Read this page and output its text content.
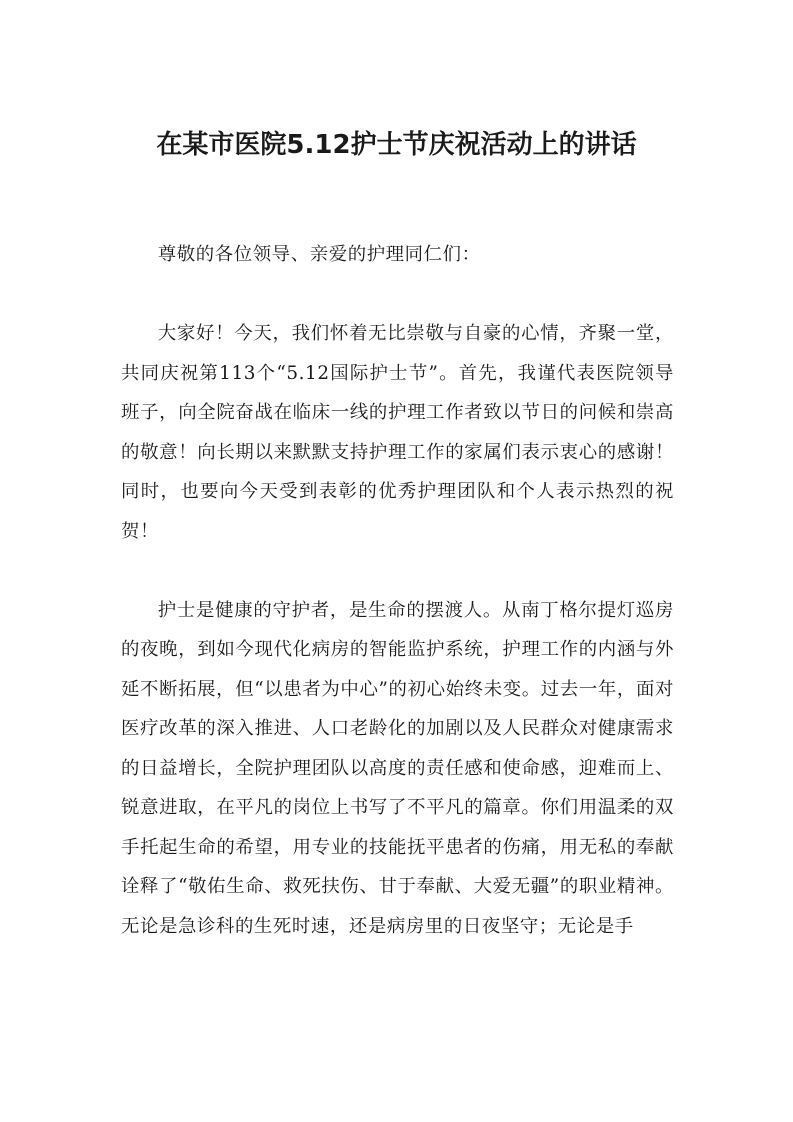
在某市医院5.12护士节庆祝活动上的讲话

尊敬的各位领导、亲爱的护理同仁们：

大家好！今天，我们怀着无比崇敬与自豪的心情，齐聚一堂，共同庆祝第113个“5.12国际护士节”。首先，我谨代表医院领导班子，向全院奋战在临床一线的护理工作者致以节日的问候和崇高的敬意！向长期以来默默支持护理工作的家属们表示衷心的感谢！同时，也要向今天受到表彰的优秀护理团队和个人表示热烈的祝贺！

护士是健康的守护者，是生命的摆渡人。从南丁格尔提灯巡房的夜晚，到如今现代化病房的智能监护系统，护理工作的内涵与外延不断拓展，但“以患者为中心”的初心始终未变。过去一年，面对医疗改革的深入推进、人口老龄化的加剧以及人民群众对健康需求的日益增长，全院护理团队以高度的责任感和使命感，迎难而上、锐意进取，在平凡的岗位上书写了不平凡的篇章。你们用温柔的双手托起生命的希望，用专业的技能抚平患者的伤痛，用无私的奉献诠释了“敬佑生命、救死扶伤、甘于奉献、大爱无疆”的职业精神。无论是急诊科的生死时速，还是病房里的日夜坚守；无论是手
